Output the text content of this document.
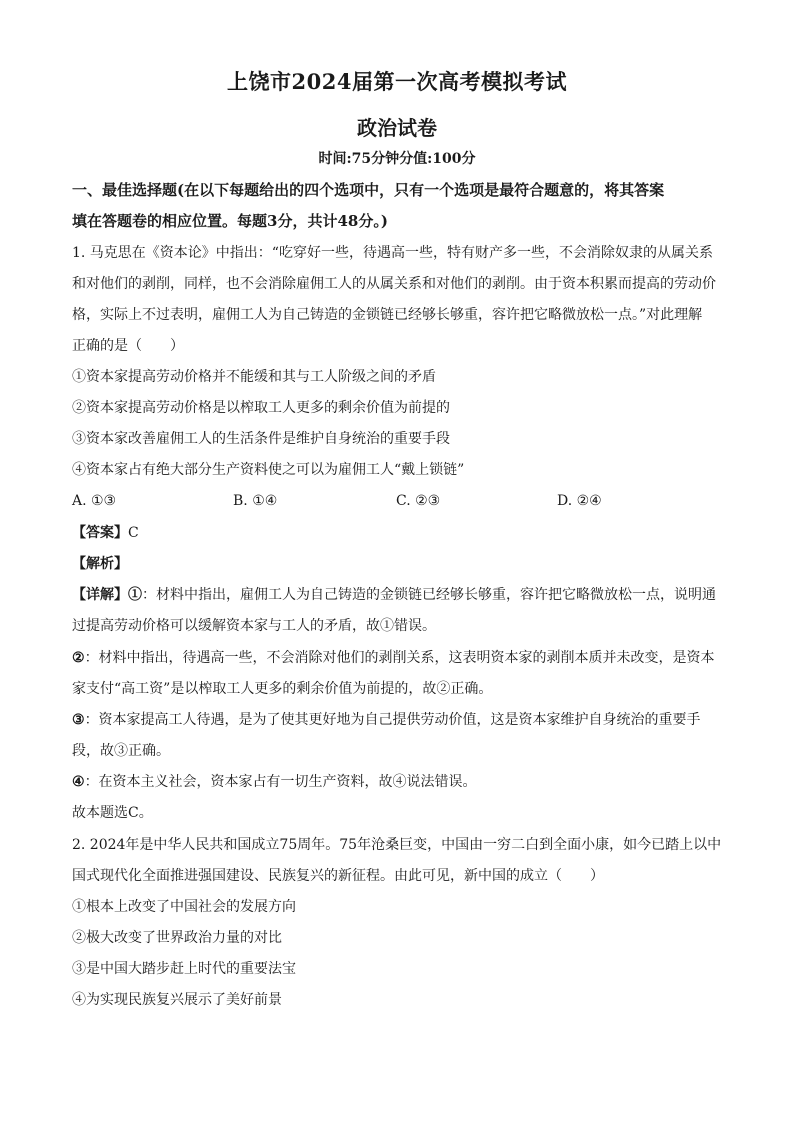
上饶市2024届第一次高考模拟考试
政治试卷
时间:75分钟分值:100分
一、最佳选择题(在以下每题给出的四个选项中，只有一个选项是最符合题意的，将其答案
填在答题卷的相应位置。每题3分，共计48分。)
1. 马克思在《资本论》中指出：“吃穿好一些，待遇高一些，特有财产多一些，不会消除奴隶的从属关系
和对他们的剥削，同样，也不会消除雇佣工人的从属关系和对他们的剥削。由于资本积累而提高的劳动价
格，实际上不过表明，雇佣工人为自己铸造的金锁链已经够长够重，容许把它略微放松一点。”对此理解
正确的是（　　）
①资本家提高劳动价格并不能缓和其与工人阶级之间的矛盾
②资本家提高劳动价格是以榨取工人更多的剩余价值为前提的
③资本家改善雇佣工人的生活条件是维护自身统治的重要手段
④资本家占有绝大部分生产资料使之可以为雇佣工人“戴上锁链”
A. ①③	B. ①④	C. ②③	D. ②④
【答案】C
【解析】
【详解】①：材料中指出，雇佣工人为自己铸造的金锁链已经够长够重，容许把它略微放松一点，说明通
过提高劳动价格可以缓解资本家与工人的矛盾，故①错误。
②：材料中指出，待遇高一些，不会消除对他们的剥削关系，这表明资本家的剥削本质并未改变，是资本
家支付“高工资”是以榨取工人更多的剩余价值为前提的，故②正确。
③：资本家提高工人待遇，是为了使其更好地为自己提供劳动价值，这是资本家维护自身统治的重要手
段，故③正确。
④：在资本主义社会，资本家占有一切生产资料，故④说法错误。
故本题选C。
2. 2024年是中华人民共和国成立75周年。75年沧桑巨变，中国由一穷二白到全面小康，如今已踏上以中
国式现代化全面推进强国建设、民族复兴的新征程。由此可见，新中国的成立（　　）
①根本上改变了中国社会的发展方向
②极大改变了世界政治力量的对比
③是中国大踏步赶上时代的重要法宝
④为实现民族复兴展示了美好前景
